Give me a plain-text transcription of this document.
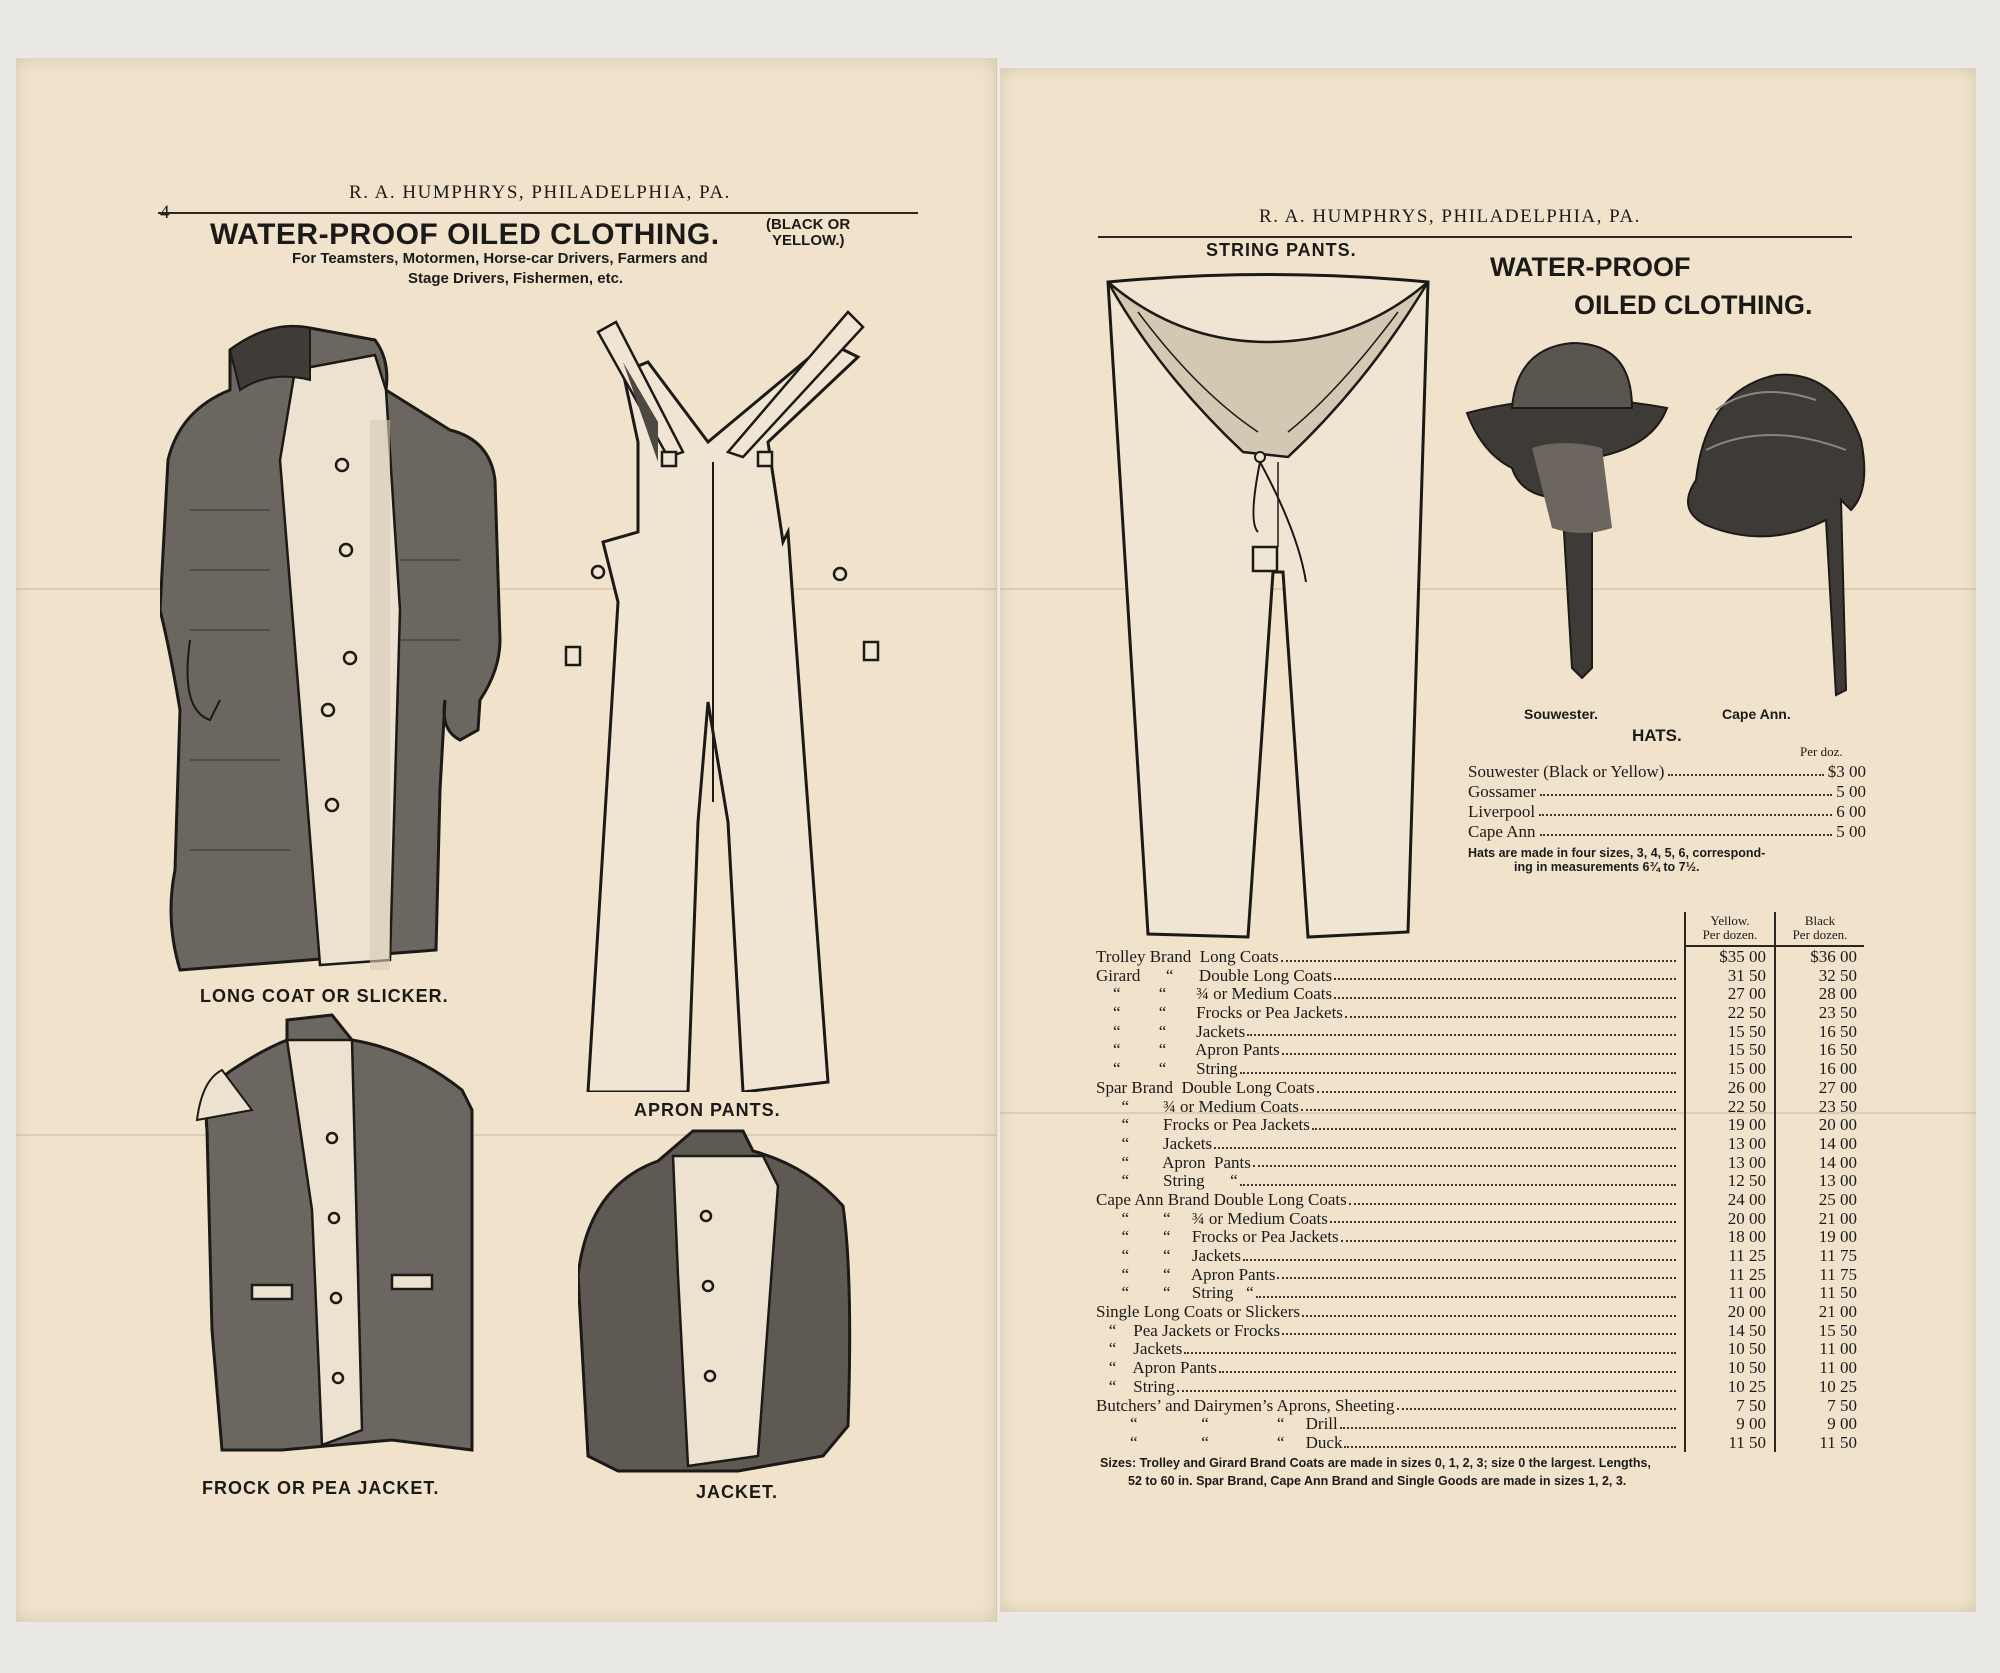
R. A. HUMPHRYS, PHILADELPHIA, PA.
WATER-PROOF OILED CLOTHING.	(BLACK OR
YELLOW.)
For Teamsters, Motormen, Horse-car Drivers, Farmers and
Stage Drivers, Fishermen, etc.
LONG COAT OR SLICKER.
APRON PANTS.
FROCK OR PEA JACKET.	JACKET.
R. A. HUMPHRYS, PHILADELPHIA, PA.
STRING PANTS.
WATER-PROOF
OILED CLOTHING.
Souwester.	Cape Ann.
HATS.
Per doz.
Souwester (Black or Yellow)	$3 00
Gossamer	5 00
Liverpool	6 00
Cape Ann	5 00
Hats are made in four sizes, 3, 4, 5, 6, correspond-
ing in measurements 6¾ to 7½.
Yellow.
Per dozen.
Black
Per dozen.
Trolley Brand  Long Coats	$35 00	$36 00
Girard      “      Double Long Coats	31 50	32 50
“         “       ¾ or Medium Coats	27 00	28 00
“         “       Frocks or Pea Jackets	22 50	23 50
“         “       Jackets	15 50	16 50
“         “       Apron Pants	15 50	16 50
“         “       String	15 00	16 00
Spar Brand  Double Long Coats	26 00	27 00
“        ¾ or Medium Coats	22 50	23 50
“        Frocks or Pea Jackets	19 00	20 00
“        Jackets	13 00	14 00
“        Apron  Pants	13 00	14 00
“        String      “	12 50	13 00
Cape Ann Brand Double Long Coats	24 00	25 00
“        “     ¾ or Medium Coats	20 00	21 00
“        “     Frocks or Pea Jackets	18 00	19 00
“        “     Jackets	11 25	11 75
“        “     Apron Pants	11 25	11 75
“        “     String   “	11 00	11 50
Single Long Coats or Slickers	20 00	21 00
“    Pea Jackets or Frocks	14 50	15 50
“    Jackets	10 50	11 00
“    Apron Pants	10 50	11 00
“    String	10 25	10 25
Butchers’ and Dairymen’s Aprons, Sheeting	7 50	7 50
“               “                “     Drill	9 00	9 00
“               “                “     Duck	11 50	11 50
Sizes: Trolley and Girard Brand Coats are made in sizes 0, 1, 2, 3; size 0 the largest. Lengths,
52 to 60 in. Spar Brand, Cape Ann Brand and Single Goods are made in sizes 1, 2, 3.
